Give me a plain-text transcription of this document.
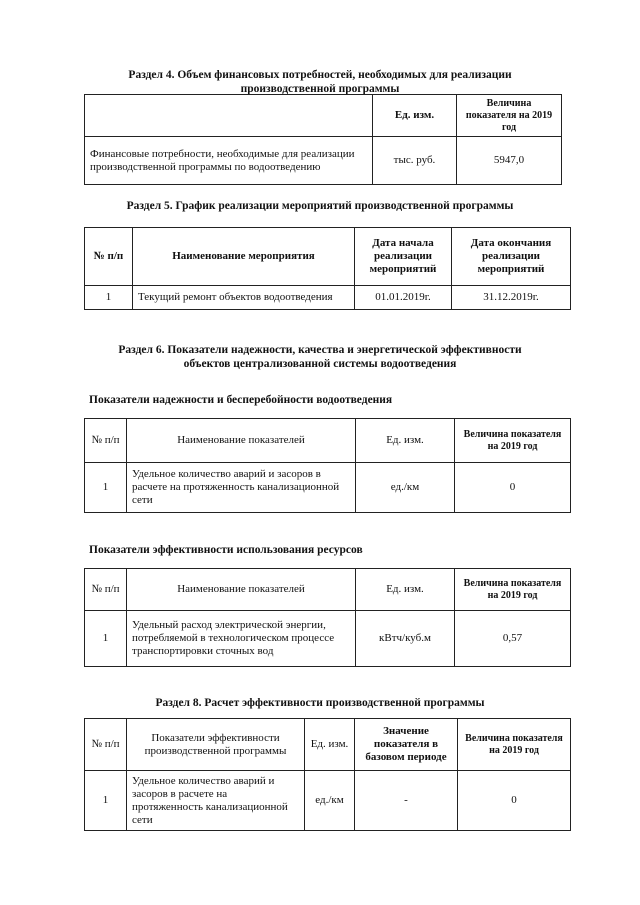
Раздел 4. Объем финансовых потребностей, необходимых для реализации
производственной программы
	Ед. изм.	Величина показателя на 2019 год
Финансовые потребности, необходимые для реализации производственной программы по водоотведению	тыс. руб.	5947,0
Раздел 5. График реализации мероприятий производственной программы
№ п/п	Наименование мероприятия	Дата начала реализации мероприятий	Дата окончания реализации мероприятий
1	Текущий ремонт объектов водоотведения	01.01.2019г.	31.12.2019г.
Раздел 6. Показатели надежности, качества и энергетической эффективности
объектов централизованной системы водоотведения
Показатели надежности и бесперебойности водоотведения
№ п/п	Наименование показателей	Ед. изм.	Величина показателя на 2019 год
1	Удельное количество аварий и засоров в расчете на протяженность канализационной сети	ед./км	0
Показатели эффективности использования ресурсов
№ п/п	Наименование показателей	Ед. изм.	Величина показателя на 2019 год
1	Удельный расход электрической энергии, потребляемой в технологическом процессе транспортировки сточных вод	кВтч/куб.м	0,57
Раздел 8. Расчет эффективности производственной программы
№ п/п	Показатели эффективности производственной программы	Ед. изм.	Значение показателя в базовом периоде	Величина показателя на 2019 год
1	Удельное количество аварий и засоров в расчете на протяженность канализационной сети	ед./км	-	0
